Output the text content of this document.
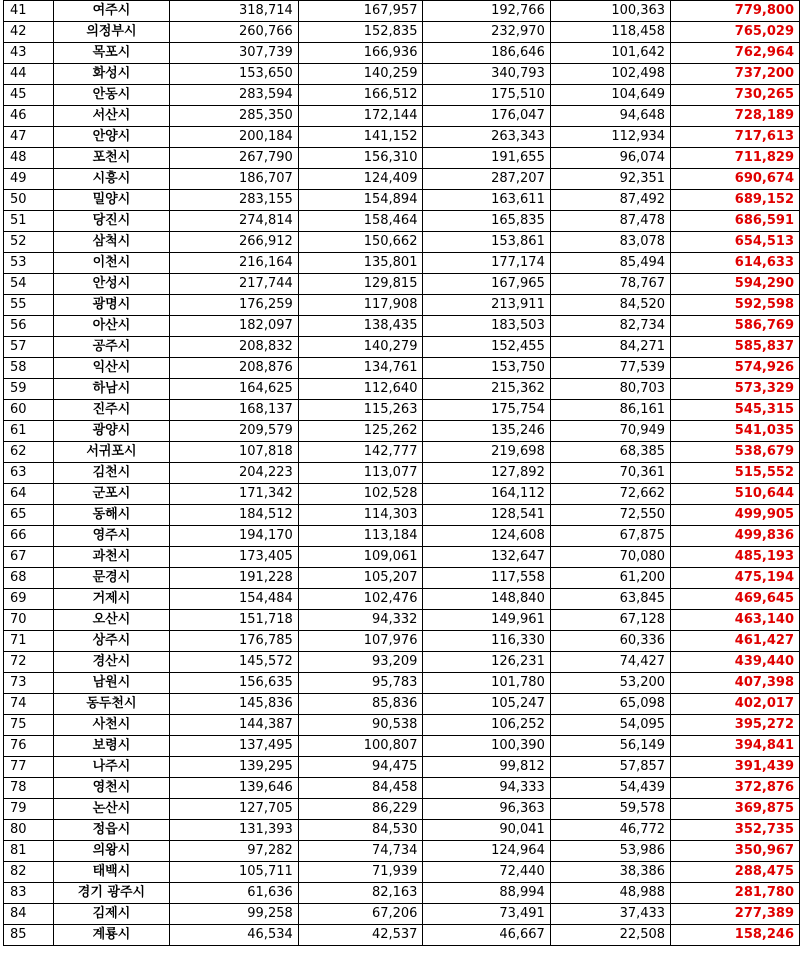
41	여주시	318,714	167,957	192,766	100,363	779,800
42	의정부시	260,766	152,835	232,970	118,458	765,029
43	목포시	307,739	166,936	186,646	101,642	762,964
44	화성시	153,650	140,259	340,793	102,498	737,200
45	안동시	283,594	166,512	175,510	104,649	730,265
46	서산시	285,350	172,144	176,047	94,648	728,189
47	안양시	200,184	141,152	263,343	112,934	717,613
48	포천시	267,790	156,310	191,655	96,074	711,829
49	시흥시	186,707	124,409	287,207	92,351	690,674
50	밀양시	283,155	154,894	163,611	87,492	689,152
51	당진시	274,814	158,464	165,835	87,478	686,591
52	삼척시	266,912	150,662	153,861	83,078	654,513
53	이천시	216,164	135,801	177,174	85,494	614,633
54	안성시	217,744	129,815	167,965	78,767	594,290
55	광명시	176,259	117,908	213,911	84,520	592,598
56	아산시	182,097	138,435	183,503	82,734	586,769
57	공주시	208,832	140,279	152,455	84,271	585,837
58	익산시	208,876	134,761	153,750	77,539	574,926
59	하남시	164,625	112,640	215,362	80,703	573,329
60	진주시	168,137	115,263	175,754	86,161	545,315
61	광양시	209,579	125,262	135,246	70,949	541,035
62	서귀포시	107,818	142,777	219,698	68,385	538,679
63	김천시	204,223	113,077	127,892	70,361	515,552
64	군포시	171,342	102,528	164,112	72,662	510,644
65	동해시	184,512	114,303	128,541	72,550	499,905
66	영주시	194,170	113,184	124,608	67,875	499,836
67	과천시	173,405	109,061	132,647	70,080	485,193
68	문경시	191,228	105,207	117,558	61,200	475,194
69	거제시	154,484	102,476	148,840	63,845	469,645
70	오산시	151,718	94,332	149,961	67,128	463,140
71	상주시	176,785	107,976	116,330	60,336	461,427
72	경산시	145,572	93,209	126,231	74,427	439,440
73	남원시	156,635	95,783	101,780	53,200	407,398
74	동두천시	145,836	85,836	105,247	65,098	402,017
75	사천시	144,387	90,538	106,252	54,095	395,272
76	보령시	137,495	100,807	100,390	56,149	394,841
77	나주시	139,295	94,475	99,812	57,857	391,439
78	영천시	139,646	84,458	94,333	54,439	372,876
79	논산시	127,705	86,229	96,363	59,578	369,875
80	정읍시	131,393	84,530	90,041	46,772	352,735
81	의왕시	97,282	74,734	124,964	53,986	350,967
82	태백시	105,711	71,939	72,440	38,386	288,475
83	경기 광주시	61,636	82,163	88,994	48,988	281,780
84	김제시	99,258	67,206	73,491	37,433	277,389
85	계룡시	46,534	42,537	46,667	22,508	158,246
